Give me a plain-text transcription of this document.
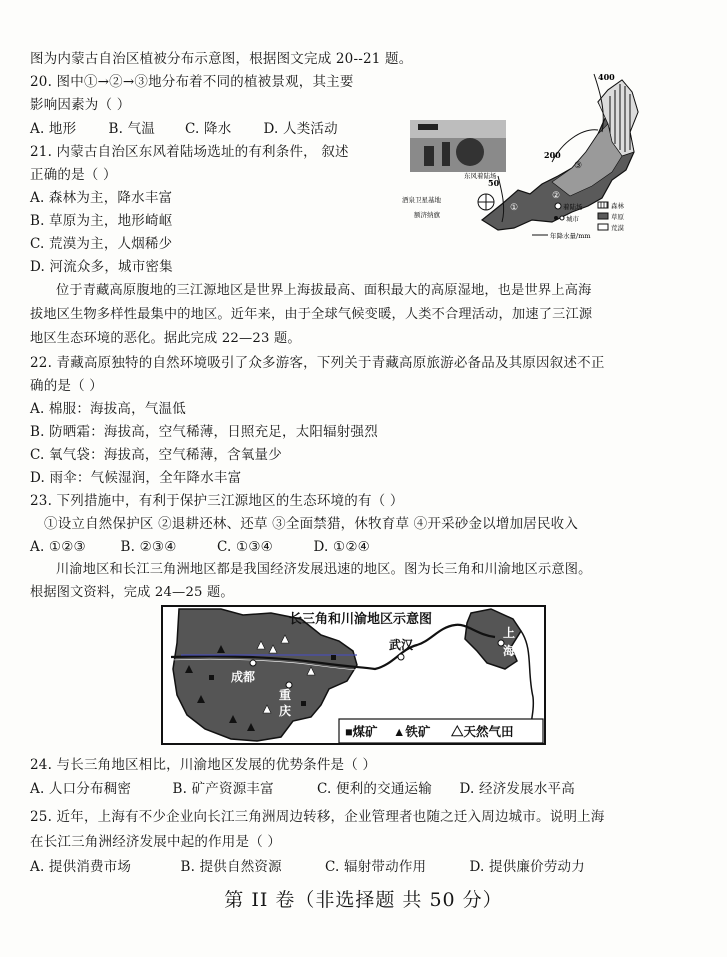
图为内蒙古自治区植被分布示意图，根据图文完成 20--21 题。
20. 图中①→②→③地分布着不同的植被景观，其主要
影响因素为（ ）
A. 地形 B. 气温 C. 降水 D. 人类活动
21. 内蒙古自治区东风着陆场选址的有利条件， 叙述
正确的是（ ）
A. 森林为主，降水丰富
B. 草原为主，地形崎岖
C. 荒漠为主，人烟稀少
D. 河流众多，城市密集
400
200
50
东风着陆场
酒泉卫星基地
额济纳旗
①
②
③
着陆场
城市
森林
草原
荒漠
年降水量/mm
位于青藏高原腹地的三江源地区是世界上海拔最高、面积最大的高原湿地，也是世界上高海
拔地区生物多样性最集中的地区。近年来，由于全球气候变暖，人类不合理活动，加速了三江源
地区生态环境的恶化。据此完成 22—23 题。
22. 青藏高原独特的自然环境吸引了众多游客，下列关于青藏高原旅游必备品及其原因叙述不正
确的是（ ）
A. 棉服：海拔高，气温低
B. 防晒霜：海拔高，空气稀薄，日照充足，太阳辐射强烈
C. 氧气袋：海拔高，空气稀薄，含氧量少
D. 雨伞：气候湿润，全年降水丰富
23. 下列措施中，有利于保护三江源地区的生态环境的有（ ）
①设立自然保护区 ②退耕还林、还草 ③全面禁猎，休牧育草 ④开采砂金以增加居民收入
A. ①②③	B. ②③④	C. ①③④	D. ①②④
川渝地区和长江三角洲地区都是我国经济发展迅速的地区。图为长三角和川渝地区示意图。
根据图文资料，完成 24—25 题。
长三角和川渝地区示意图
成都
重
庆
武汉
上
海
■煤矿 ▲铁矿 △天然气田
24. 与长三角地区相比，川渝地区发展的优势条件是（ ）
A. 人口分布稠密	B. 矿产资源丰富	C. 便利的交通运输 D. 经济发展水平高
25. 近年，上海有不少企业向长江三角洲周边转移，企业管理者也随之迁入周边城市。说明上海
在长江三角洲经济发展中起的作用是（ ）
A. 提供消费市场	B. 提供自然资源	C. 辐射带动作用	D. 提供廉价劳动力
第 II 卷（非选择题 共 50 分）
